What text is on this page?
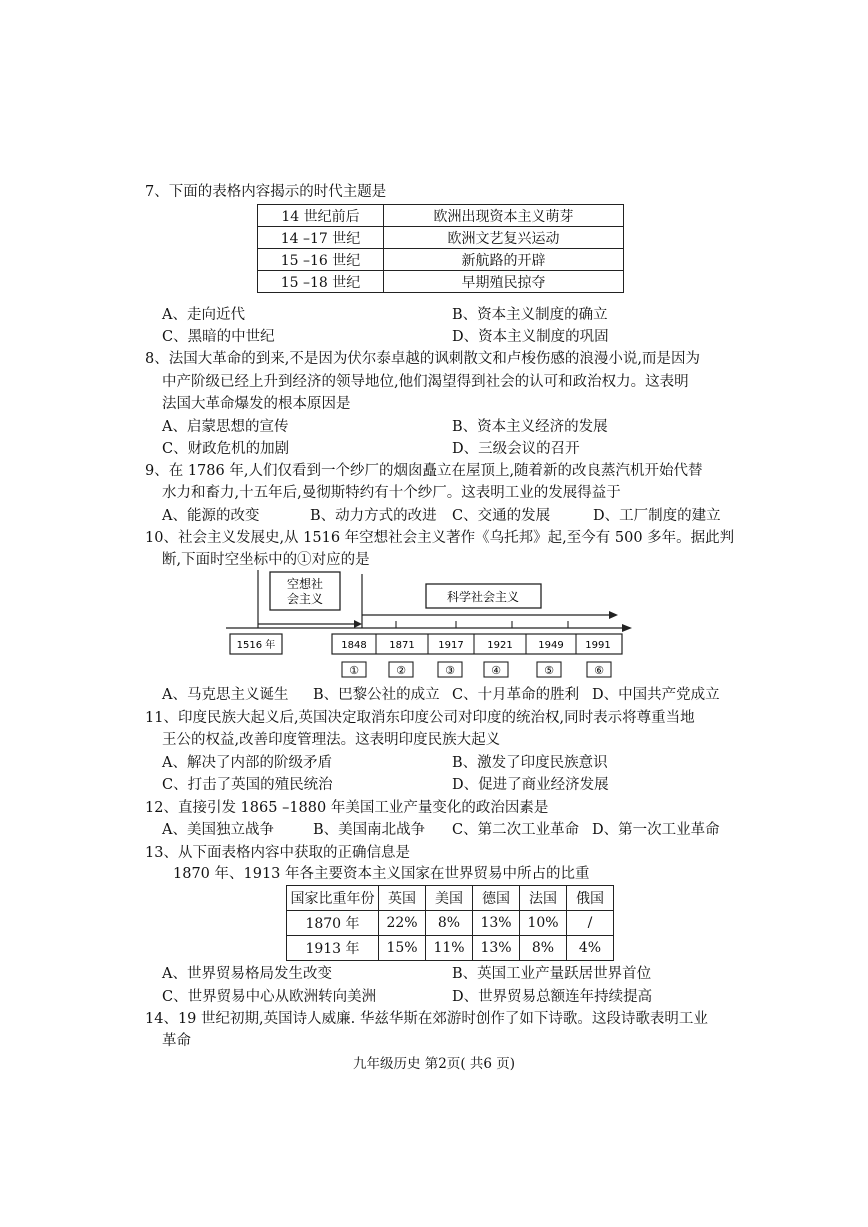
7、下面的表格内容揭示的时代主题是
14 世纪前后	欧洲出现资本主义萌芽
14 –17 世纪	欧洲文艺复兴运动
15 –16 世纪	新航路的开辟
15 –18 世纪	早期殖民掠夺
A、走向近代	B、资本主义制度的确立
C、黑暗的中世纪	D、资本主义制度的巩固
8、法国大革命的到来,不是因为伏尔泰卓越的讽刺散文和卢梭伤感的浪漫小说,而是因为
中产阶级已经上升到经济的领导地位,他们渴望得到社会的认可和政治权力。这表明
法国大革命爆发的根本原因是
A、启蒙思想的宣传	B、资本主义经济的发展
C、财政危机的加剧	D、三级会议的召开
9、在 1786 年,人们仅看到一个纱厂的烟囱矗立在屋顶上,随着新的改良蒸汽机开始代替
水力和畜力,十五年后,曼彻斯特约有十个纱厂。这表明工业的发展得益于
A、能源的改变	B、动力方式的改进 C、交通的发展	D、工厂制度的建立
10、社会主义发展史,从 1516 年空想社会主义著作《乌托邦》起,至今有 500 多年。据此判
断,下面时空坐标中的①对应的是
空想社
会主义	科学社会主义
1516 年	1848 1871 1917 1921	1949 1991
①	②	③	④	⑤	⑥
A、马克思主义诞生 B、巴黎公社的成立 C、十月革命的胜利 D、中国共产党成立
11、印度民族大起义后,英国决定取消东印度公司对印度的统治权,同时表示将尊重当地
王公的权益,改善印度管理法。这表明印度民族大起义
A、解决了内部的阶级矛盾	B、激发了印度民族意识
C、打击了英国的殖民统治	D、促进了商业经济发展
12、直接引发 1865 –1880 年美国工业产量变化的政治因素是
A、美国独立战争	B、美国南北战争 C、第二次工业革命 D、第一次工业革命
13、从下面表格内容中获取的正确信息是
1870 年、1913 年各主要资本主义国家在世界贸易中所占的比重
国家比重年份	英国	美国	德国	法国	俄国
1870 年	22%	8%	13%	10%	/
1913 年	15%	11%	13%	8%	4%
A、世界贸易格局发生改变	B、英国工业产量跃居世界首位
C、世界贸易中心从欧洲转向美洲	D、世界贸易总额连年持续提高
14、19 世纪初期,英国诗人威廉. 华兹华斯在郊游时创作了如下诗歌。这段诗歌表明工业
革命
九年级历史 第2页( 共6 页)
